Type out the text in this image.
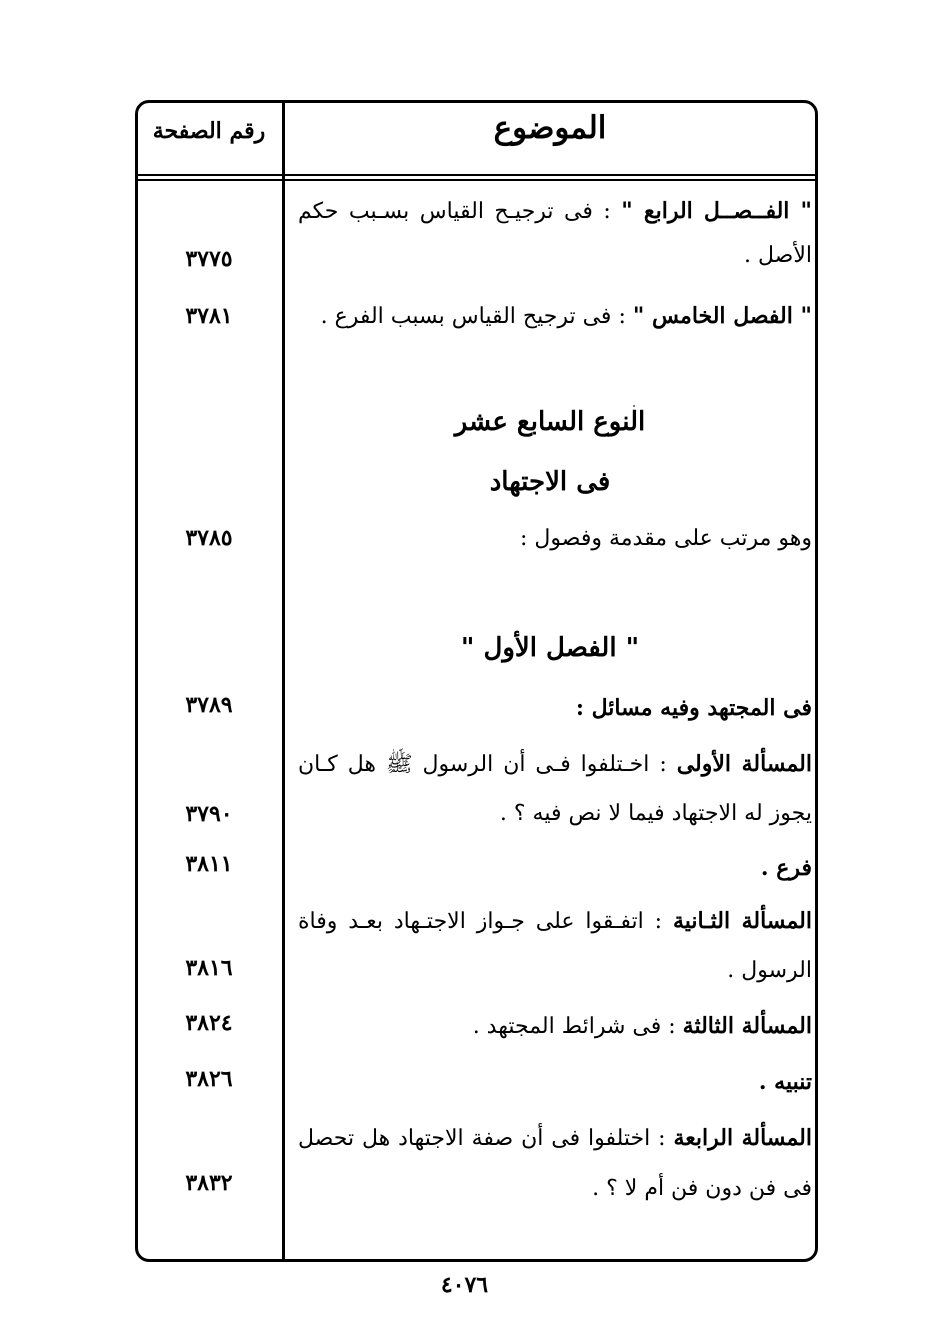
الموضوع
رقم الصفحة
" الفــصــل الرابع " : فى ترجيـح القياس بسـبب حكم
الأصل .
٣٧٧٥
" الفصل الخامس " : فى ترجيح القياس بسبب الفرع .
٣٧٨١
النوع السابع عشر
فى الاجتهاد
وهو مرتب على مقدمة وفصول :
٣٧٨٥
" الفصل الأول "
فى المجتهد وفيه مسائل :
٣٧٨٩
المسألة الأولى : اخـتلفوا فـى أن الرسول ﷺ هل كـان
يجوز له الاجتهاد فيما لا نص فيه ؟ .
٣٧٩٠
فرع .
٣٨١١
المسألة الثـانية : اتفـقوا على جـواز الاجتـهاد بعـد وفاة
الرسول .
٣٨١٦
المسألة الثالثة : فى شرائط المجتهد .
٣٨٢٤
تنبيه .
٣٨٢٦
المسألة الرابعة : اختلفوا فى أن صفة الاجتهاد هل تحصل
فى فن دون فن أم لا ؟ .
٣٨٣٢
٤٠٧٦
